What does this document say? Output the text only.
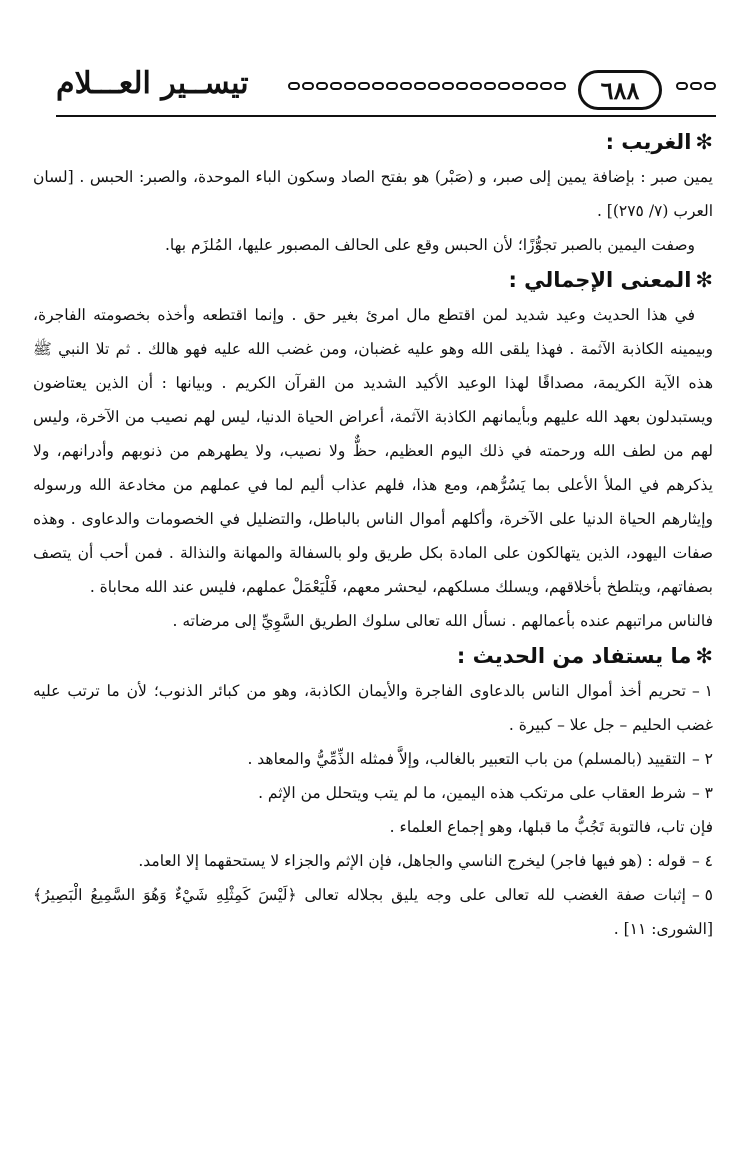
٦٨٨
تيســير العـــلام
✻الغريب :

يمين صبر : بإضافة يمين إلى صبر، و (صَبْر) هو بفتح الصاد وسكون الباء الموحدة، والصبر: الحبس . [لسان العرب (٧/ ٢٧٥)] .

وصفت اليمين بالصبر تجوُّزًا؛ لأن الحبس وقع على الحالف المصبور عليها، المُلزَم بها.

✻المعنى الإجمالي :

في هذا الحديث وعيد شديد لمن اقتطع مال امرئ بغير حق . وإنما اقتطعه وأخذه بخصومته الفاجرة، وبيمينه الكاذبة الآثمة . فهذا يلقى الله وهو عليه غضبان، ومن غضب الله عليه فهو هالك . ثم تلا النبي ﷺ هذه الآية الكريمة، مصداقًا لهذا الوعيد الأكيد الشديد من القرآن الكريم . وبيانها : أن الذين يعتاضون ويستبدلون بعهد الله عليهم وبأيمانهم الكاذبة الآثمة، أعراض الحياة الدنيا، ليس لهم نصيب من الآخرة، وليس لهم من لطف الله ورحمته في ذلك اليوم العظيم، حظٌّ ولا نصيب، ولا يطهرهم من ذنوبهم وأدرانهم، ولا يذكرهم في الملأ الأعلى بما يَسُرُّهم، ومع هذا، فلهم عذاب أليم لما في عملهم من مخادعة الله ورسوله وإيثارهم الحياة الدنيا على الآخرة، وأكلهم أموال الناس بالباطل، والتضليل في الخصومات والدعاوى . وهذه صفات اليهود، الذين يتهالكون على المادة بكل طريق ولو بالسفالة والمهانة والنذالة . فمن أحب أن يتصف بصفاتهم، ويتلطخ بأخلاقهم، ويسلك مسلكهم، ليحشر معهم، فَلْيَعْمَلْ عملهم، فليس عند الله محاباة .

فالناس مراتبهم عنده بأعمالهم . نسأل الله تعالى سلوك الطريق السَّوِيِّ إلى مرضاته .

✻ما يستفاد من الحديث :
١ –تحريم أخذ أموال الناس بالدعاوى الفاجرة والأيمان الكاذبة، وهو من كبائر الذنوب؛ لأن ما ترتب عليه غضب الحليم – جل علا – كبيرة .
٢ –التقييد (بالمسلم) من باب التعبير بالغالب، وإلاَّ فمثله الذِّمِّيُّ والمعاهد .
٣ –شرط العقاب على مرتكب هذه اليمين، ما لم يتب ويتحلل من الإثم .
فإن تاب، فالتوبة تَجُبُّ ما قبلها، وهو إجماع العلماء .
٤ –قوله : (هو فيها فاجر) ليخرج الناسي والجاهل، فإن الإثم والجزاء لا يستحقهما إلا العامد.
٥ –إثبات صفة الغضب لله تعالى على وجه يليق بجلاله تعالى ﴿لَيْسَ كَمِثْلِهِ شَيْءٌ وَهُوَ السَّمِيعُ الْبَصِيرُ﴾ [الشورى: ١١] .
